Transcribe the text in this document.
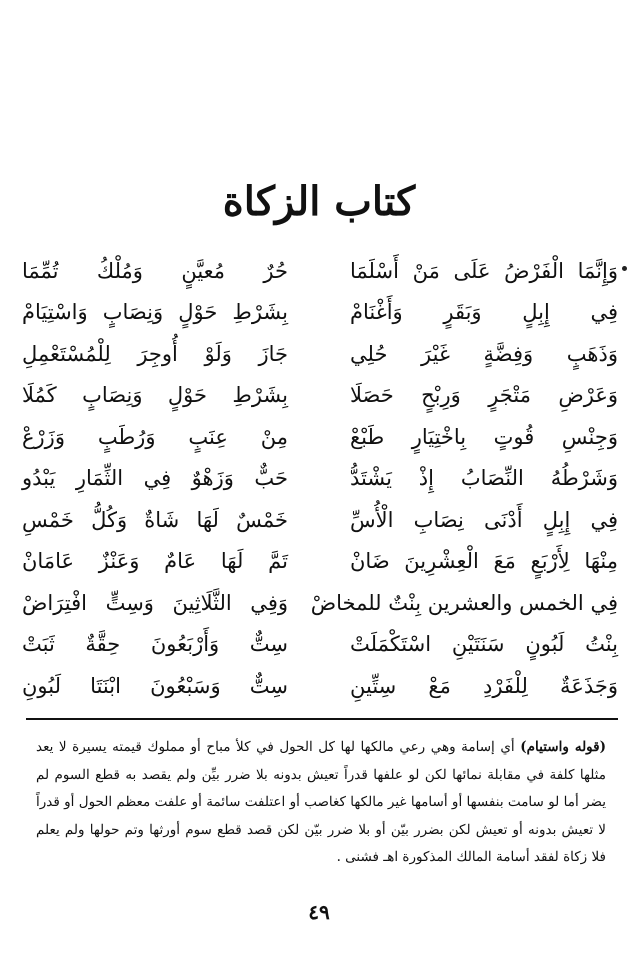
كتاب الزكاة
وَإِنَّمَا الْفَرْضُ عَلَى مَنْ أَسْلَمَا
حُرٌ مُعيَّنٍ وَمُلْكُ تُمِّمَا
فِي إِبِلٍ وَبَقَرٍ وَأَغْنَامْ
بِشَرْطِ حَوْلٍ وَنِصَابٍ وَاسْتِيَامْ
وَذَهَبٍ وَفِضَّةٍ غَيْرَ حُلِي
جَازَ وَلَوْ أُوجِرَ لِلْمُسْتَعْمِلِ
وَعَرْضِ مَتْجَرٍ وَرِبْحٍ حَصَلَا
بِشَرْطِ حَوْلٍ وَنِصَابٍ كَمُلَا
وَجِنْسِ قُوتٍ بِاخْتِيَارٍ طَبْعْ
مِنْ عِنَبٍ وَرُطَبٍ وَزَرْعْ
وَشَرْطُهُ النِّصَابُ إِذْ يَشْتَدُّ
حَبٌّ وَزَهْوٌ فِي الثِّمَارِ يَبْدُو
فِي إِبِلٍ أَدْنَى نِصَابِ الْأُسِّ
خَمْسٌ لَهَا شَاةٌ وَكُلُّ خَمْسِ
مِنْهَا لِأَرْبَعٍ مَعَ الْعِشْرِينَ ضَانْ
تَمَّ لَهَا عَامٌ وَعَنْزٌ عَامَانْ
فِي الخمس والعشرين بِنْتٌ للمخاضْ
وَفِي الثَّلَاثِينَ وَسِتٍّ افْتِرَاضْ
بِنْتُ لَبُونٍ سَنَتَيْنِ اسْتَكْمَلَتْ
سِتٌّ وَأَرْبَعُونَ حِقَّةٌ ثَبَتْ
وَجَذَعَةٌ لِلْفَرْدِ مَعْ سِتِّينِ
سِتٌّ وَسَبْعُونَ ابْنَتَا لَبُونِ
(قوله واستيام) أي إسامة وهي رعي مالكها لها كل الحول في كلأ مباح أو مملوك قيمته يسيرة لا يعد مثلها كلفة في مقابلة نمائها لكن لو علفها قدراً تعيش بدونه بلا ضرر بيِّن ولم يقصد به قطع السوم لم يضر أما لو سامت بنفسها أو أسامها غير مالكها كغاصب أو اعتلفت سائمة أو علفت معظم الحول أو قدراً لا تعيش بدونه أو تعيش لكن بضرر بيّن أو بلا ضرر بيّن لكن قصد قطع سوم أورثها وتم حولها ولم يعلم فلا زكاة لفقد أسامة المالك المذكورة اهـ فشنى .
٤٩
